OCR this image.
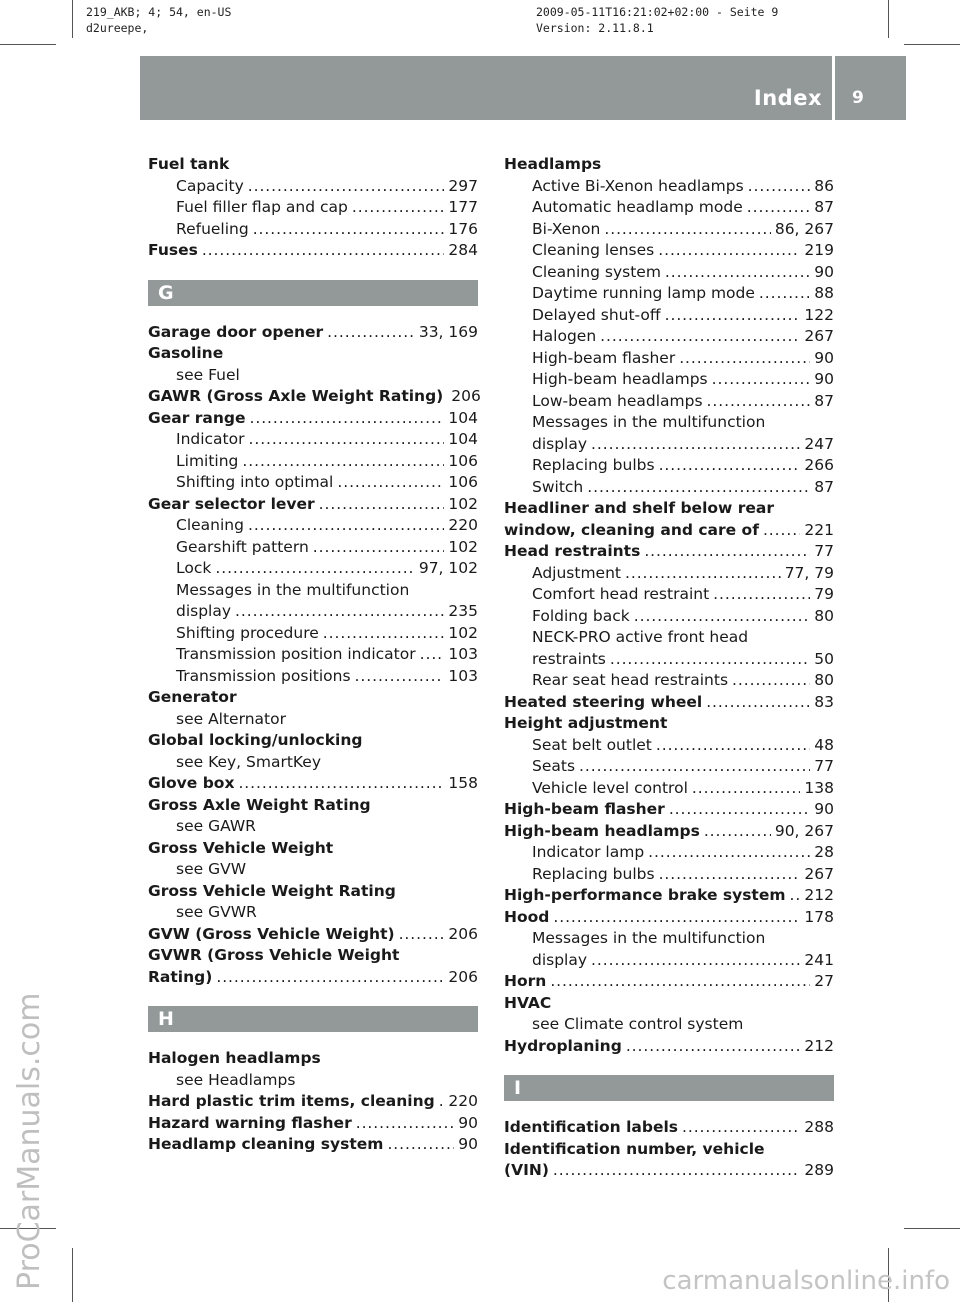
219_AKB; 4; 54, en-US
d2ureepe,
2009-05-11T16:21:02+02:00 - Seite 9
Version: 2.11.8.1
Index 9
Fuel tank
Capacity . . .	297
Fuel filler flap and cap . . .	177
Refueling . . .	176
Fuses . . .	284
G
Garage door opener . . .	33, 169
Gasoline
see Fuel
GAWR (Gross Axle Weight Rating) 206
Gear range . . .	104
Indicator . . .	104
Limiting . . .	106
Shifting into optimal . . .	106
Gear selector lever . . .	102
Cleaning . . .	220
Gearshift pattern . . .	102
Lock . . .	97, 102
Messages in the multifunction
display . . .	235
Shifting procedure . . .	102
Transmission position indicator . . . 103
Transmission positions . . .	103
Generator
see Alternator
Global locking/unlocking
see Key, SmartKey
Glove box . . .	158
Gross Axle Weight Rating
see GAWR
Gross Vehicle Weight
see GVW
Gross Vehicle Weight Rating
see GVWR
GVW (Gross Vehicle Weight) . . .	206
GVWR (Gross Vehicle Weight
Rating) . . .	206
H
Halogen headlamps
see Headlamps
Hard plastic trim items, cleaning . . . 220
Hazard warning flasher . . .	90
Headlamp cleaning system . . .	90
Headlamps
Active Bi-Xenon headlamps . . .	86
Automatic headlamp mode . . .	87
Bi-Xenon . . .	86, 267
Cleaning lenses . . .	219
Cleaning system . . .	90
Daytime running lamp mode . . .	88
Delayed shut-off . . .	122
Halogen . . .	267
High-beam flasher . . .	90
High-beam headlamps . . .	90
Low-beam headlamps . . .	87
Messages in the multifunction
display . . .	247
Replacing bulbs . . .	266
Switch . . .	87
Headliner and shelf below rear
window, cleaning and care of . . .	221
Head restraints . . .	77
Adjustment . . .	77, 79
Comfort head restraint . . .	79
Folding back . . .	80
NECK-PRO active front head
restraints . . .	50
Rear seat head restraints . . .	80
Heated steering wheel . . .	83
Height adjustment
Seat belt outlet . . .	48
Seats . . .	77
Vehicle level control . . .	138
High-beam flasher . . .	90
High-beam headlamps . . .	90, 267
Indicator lamp . . .	28
Replacing bulbs . . .	267
High-performance brake system . . . 212
Hood . . .	178
Messages in the multifunction
display . . .	241
Horn . . .	27
HVAC
see Climate control system
Hydroplaning . . .	212
I
Identification labels . . .	288
Identification number, vehicle
(VIN) . . .	289
ProCarManuals.com	carmanualsonline.info
